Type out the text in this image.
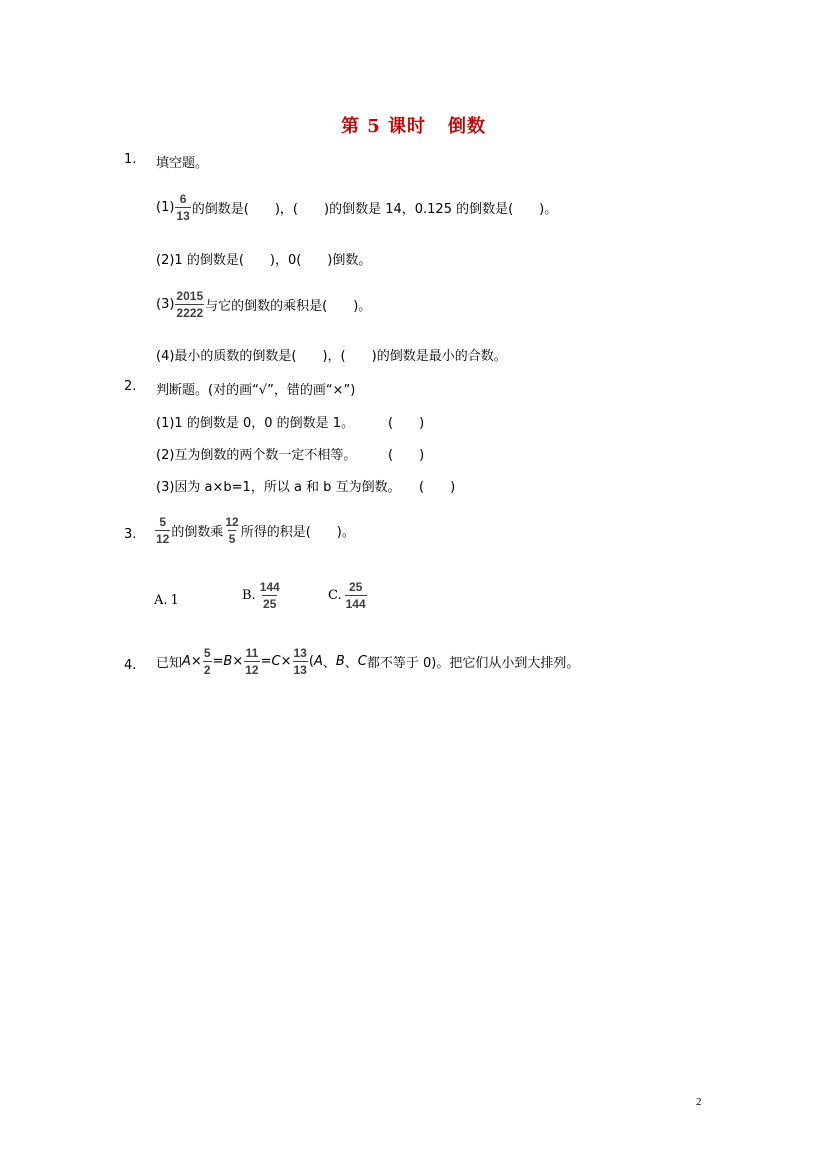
第 5 课时 倒数
1. 填空题。
$(1) \frac{6}{13}$ 的倒数是(　　)，(　　)的倒数是 14，0.125 的倒数是(　　)。
(2)1 的倒数是(　　)，0(　　)倒数。
$(3) \frac{2015}{2222}$ 与它的倒数的乘积是(　　)。
(4)最小的质数的倒数是(　　)，(　　)的倒数是最小的合数。
2. 判断题。(对的画“√”，错的画“×”)
(1)1 的倒数是 0，0 的倒数是 1。	(　　)
(2)互为倒数的两个数一定不相等。 (　　)
(3)因为 a×b=1，所以 a 和 b 互为倒数。 (　　)
3. $\frac{5}{12}$ 的倒数乘 $\frac{12}{5}$ 所得的积是(　　)。
A. 1	B. $\frac{144}{25}$	C. $\frac{25}{144}$
4. 已知 $A \times \frac{5}{2} = B \times \frac{11}{12} = C \times \frac{13}{13}$ ( A 、 B 、 C 都不等于 0)。把它们从小到大排列。
2
